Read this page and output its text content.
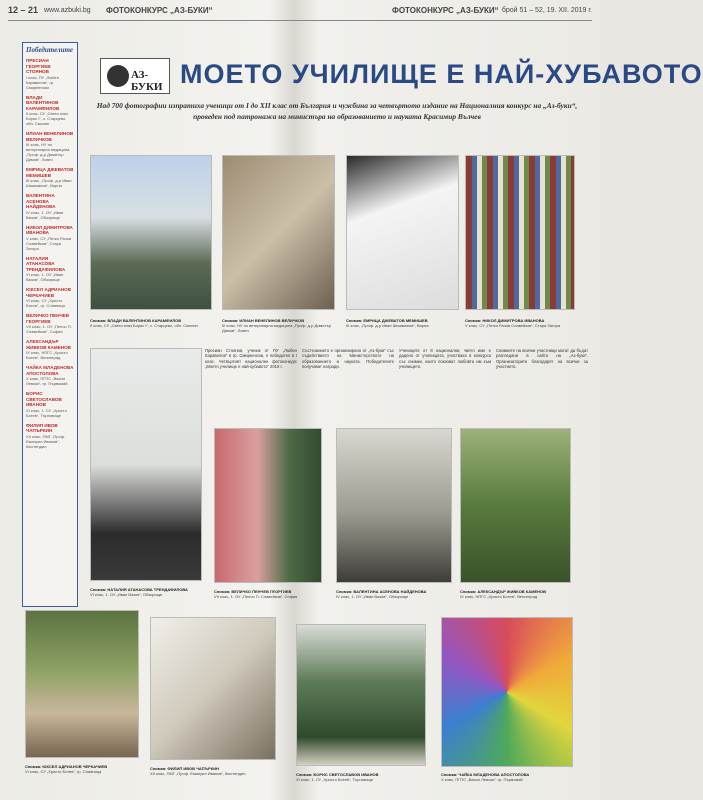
12 – 21 www.azbuki.bg ФОТОКОНКУРС „АЗ-БУКИ“	ФОТОКОНКУРС „АЗ-БУКИ“ брой 51 – 52, 19. XII. 2019 г.
Победителите
ПРЕСИАН ГЕОРГИЕВ СТОЯНОВ
I клас, ПУ „Любен Каравелов“, гр. Смирненски
ВЛАДИ ВАЛЕНТИНОВ КАРАМФИЛОВ
II клас, СУ „Свети княз Борис I“, с. Старцево, обл. Смолян
ИЛИАН ВЕНЕЛИНОВ ВЕЛИЧКОВ
III клас, НУ по ветеринарна медицина „Проф. д-р Димитър Димов“, Ловеч
ЕМРИЦА ДЖЕВАТОВ МЕМИШЕВ
III клас, „Проф. д-р Иван Шишманов“, Варна
ВАЛЕНТИНА АСЕНОВА НАЙДЕНОВА
IV клас, 1. ОУ „Иван Вазов“, Обзорище
НИКОЛ ДИМИТРОВА ИВАНОВА
V клас, СУ „Петко Рачов Славейков“, Стара Загора
НАТАЛИЯ АТАНАСОВА ТРЕНДАФИЛОВА
VI клас, 1. ОУ „Иван Вазов“, Обзорище
ЮКСЕЛ АДРИАНОВ ЧЕРКАЧИЕВ
VI клас, СУ „Христо Ботев“, гр. Сливница
ВЕЛИЧКО ПЕНЧЕВ ГЕОРГИЕВ
VII клас, 1. ОУ „Пенчо П. Славейков“, София
АЛЕКСАНДЪР ЖИВКОВ КАМЕНОВ
IX клас, НПГС „Христо Ботев“, Велинград
ЧАЙКА МЛАДЕНОВА АПОСТОЛОВА
X клас, ПГПС „Васил Левски“, гр. Първомай
БОРИС СВЕТОСЛАВОВ ИВАНОВ
XI клас, 1. СУ „Христо Ботев“, Търговище
ФИЛИП ИВОВ ЧАПЪРКИН
XII клас, ПМГ „Проф. Емануил Иванов“, Кюстендил
АЗ-БУКИ МОЕТО УЧИЛИЩЕ Е НАЙ-ХУБАВОТО
Над 700 фотографии изпратиха ученици от I до XII клас от България и чужбина за четвъртото издание на Националния конкурс на „Аз-буки“, проведен под патронажа на министъра на образованието и науката Красимир Вълчев
Снимка: ВЛАДИ ВАЛЕНТИНОВ КАРАМФИЛОВ
II клас, СУ „Свети княз Борис I“, с. Старцево, обл. Смолян
Снимка: ИЛИАН ВЕНЕЛИНОВ ВЕЛИЧКОВ
III клас, НУ по ветеринарна медицина „Проф. д-р Димитър Димов“, Ловеч
Снимка: ЕМРИЦА ДЖЕВАТОВ МЕМИШЕВ
III клас, „Проф. д-р Иван Шишманов“, Варна
Снимка: НИКОЛ ДИМИТРОВА ИВАНОВА
V клас, СУ „Петко Рачов Славейков“, Стара Загора
Снимка: НАТАЛИЯ АТАНАСОВА ТРЕНДАФИЛОВА
VI клас, 1. ОУ „Иван Вазов“, Обзорище
Снимка: ВЕЛИЧКО ПЕНЧЕВ ГЕОРГИЕВ
VII клас, 1. ОУ „Пенчо П. Славейков“, София
Снимка: ВАЛЕНТИНА АСЕНОВА НАЙДЕНОВА
IV клас, 1. ОУ „Иван Вазов“, Обзорище
Снимка: АЛЕКСАНДЪР ЖИВКОВ КАМЕНОВ
IX клас, НПГС „Христо Ботев“, Велинград
Снимка: ЮКСЕЛ АДРИАНОВ ЧЕРКАЧИЕВ
VI клас, СУ „Христо Ботев“, гр. Сливница
Снимка: ФИЛИП ИВОВ ЧАПЪРКИН
XII клас, ПМГ „Проф. Емануил Иванов“, Кюстендил	Снимка: БОРИС СВЕТОСЛАВОВ ИВАНОВ
XI клас, 1. СУ „Христо Ботев“, Търговище
Снимка: ЧАЙКА МЛАДЕНОВА АПОСТОЛОВА
X клас, ПГПС „Васил Левски“, гр. Първомай
Пресиан Стоянов, ученик от ПУ „Любен Каравелов“ в гр. Смирненски, е победител в I клас. Четвъртият национален фотоконкурс „Моето училище е най-хубавото“ 2019 г.
Състезанието е организирано от „Аз-буки“ със съдействието на Министерството на образованието и науката. Победителите получават награди.
Учениците от 8 национални, чието име е дадено от училищата, участваха в конкурса със снимки, които показват любовта им към училището.
Снимките на всички участници могат да бъдат разгледани в сайта на „Аз-буки“. Организаторите благодарят на всички за участието.
